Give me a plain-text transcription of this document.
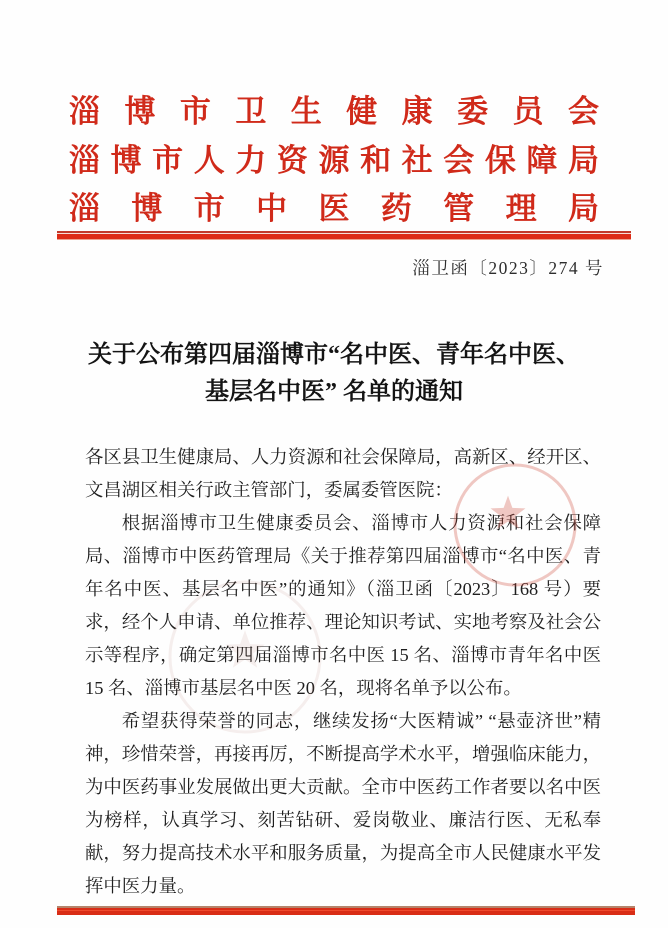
淄博市卫生健康委员会
淄博市人力资源和社会保障局
淄博市中医药管理局
淄卫函〔2023〕274 号
关于公布第四届淄博市“名中医、青年名中医、
基层名中医” 名单的通知

各区县卫生健康局、人力资源和社会保障局，高新区、经开区、文昌湖区相关行政主管部门，委属委管医院：

根据淄博市卫生健康委员会、淄博市人力资源和社会保障局、淄博市中医药管理局《关于推荐第四届淄博市“名中医、青年名中医、基层名中医”的通知》（淄卫函〔2023〕168 号）要求，经个人申请、单位推荐、理论知识考试、实地考察及社会公示等程序，确定第四届淄博市名中医 15 名、淄博市青年名中医 15 名、淄博市基层名中医 20 名，现将名单予以公布。

希望获得荣誉的同志，继续发扬“大医精诚” “悬壶济世”精神，珍惜荣誉，再接再厉，不断提高学术水平，增强临床能力，为中医药事业发展做出更大贡献。全市中医药工作者要以名中医为榜样，认真学习、刻苦钻研、爱岗敬业、廉洁行医、无私奉献，努力提高技术水平和服务质量，为提高全市人民健康水平发挥中医力量。
